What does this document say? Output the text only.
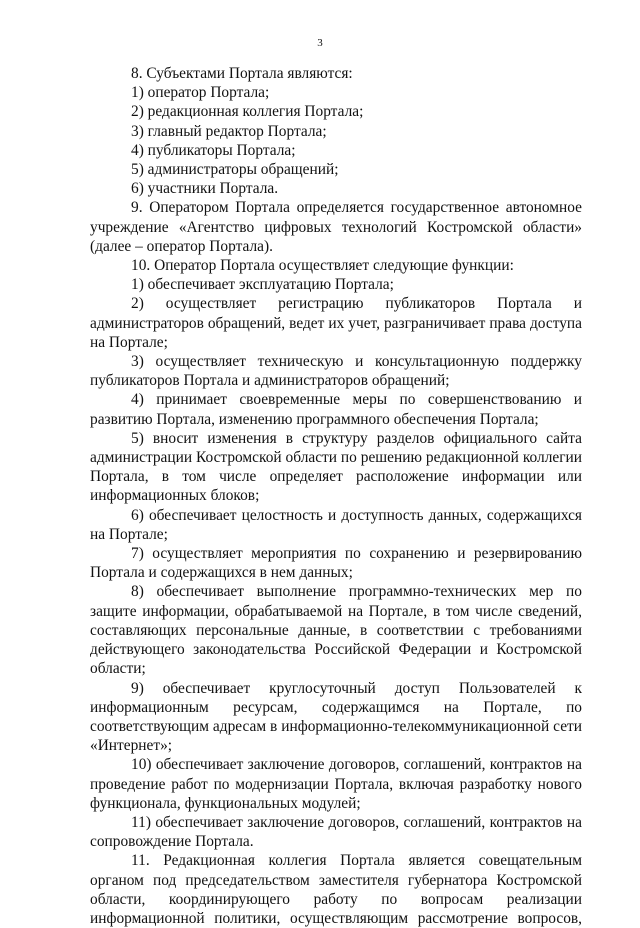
3

8. Субъектами Портала являются:

1) оператор Портала;

2) редакционная коллегия Портала;

3) главный редактор Портала;

4) публикаторы Портала;

5) администраторы обращений;

6) участники Портала.

9. Оператором Портала определяется государственное автономное учреждение «Агентство цифровых технологий Костромской области» (далее – оператор Портала).

10. Оператор Портала осуществляет следующие функции:

1) обеспечивает эксплуатацию Портала;

2) осуществляет регистрацию публикаторов Портала и администраторов обращений, ведет их учет, разграничивает права доступа на Портале;

3) осуществляет техническую и консультационную поддержку публикаторов Портала и администраторов обращений;

4) принимает своевременные меры по совершенствованию и развитию Портала, изменению программного обеспечения Портала;

5) вносит изменения в структуру разделов официального сайта администрации Костромской области по решению редакционной коллегии Портала, в том числе определяет расположение информации или информационных блоков;

6) обеспечивает целостность и доступность данных, содержащихся на Портале;

7) осуществляет мероприятия по сохранению и резервированию Портала и содержащихся в нем данных;

8) обеспечивает выполнение программно-технических мер по защите информации, обрабатываемой на Портале, в том числе сведений, составляющих персональные данные, в соответствии с требованиями действующего законодательства Российской Федерации и Костромской области;

9) обеспечивает круглосуточный доступ Пользователей к информационным ресурсам, содержащимся на Портале, по соответствующим адресам в информационно-телекоммуникационной сети «Интернет»;

10) обеспечивает заключение договоров, соглашений, контрактов на проведение работ по модернизации Портала, включая разработку нового функционала, функциональных модулей;

11) обеспечивает заключение договоров, соглашений, контрактов на сопровождение Портала.

11. Редакционная коллегия Портала является совещательным органом под председательством заместителя губернатора Костромской области, координирующего работу по вопросам реализации информационной политики, осуществляющим рассмотрение вопросов,
